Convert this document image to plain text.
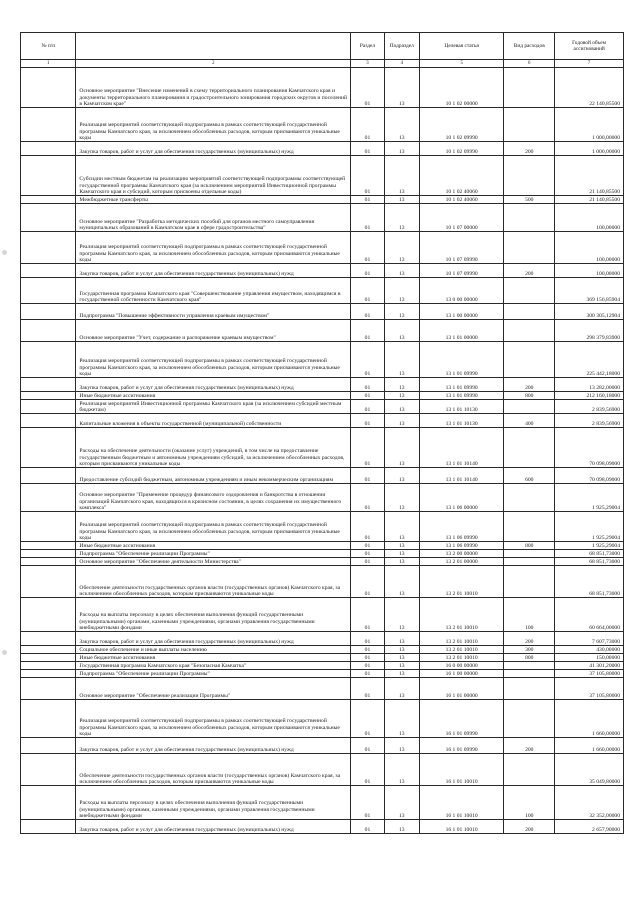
№ п/п		Раздел	Подраздел	Целевая статья	Вид расходов	Годовой объем ассигнований
1	2	3	4	5	6	7
	Основное мероприятие "Внесение изменений в схему территориального планирования Камчатского края и документы территориального планирования и градостроительного зонирования городских округов и поселений в Камчатском крае"	01	13	10 1 02 00000		22 140,85500
	Реализация мероприятий соответствующей подпрограммы в рамках соответствующей государственной программы Камчатского края, за исключением обособленных расходов, которым присваиваются уникальные коды	01	13	10 1 02 09990		1 000,00000
	Закупка товаров, работ и услуг для обеспечения государственных (муниципальных) нужд	01	13	10 1 02 09990	200	1 000,00000
	Субсидии местным бюджетам на реализацию мероприятий соответствующей подпрограммы соответствующей государственной программы Камчатского края (за исключением мероприятий Инвестиционной программы Камчатского края и субсидий, которым присвоены отдельные коды)	01	13	10 1 02 40060		21 140,85500
	Межбюджетные трансферты	01	13	10 1 02 40060	500	21 140,85500
	Основное мероприятие "Разработка методических пособий для органов местного самоуправления муниципальных образований в Камчатском крае в сфере градостроительства"	01	13	10 1 07 00000		100,00000
	Реализация мероприятий соответствующей подпрограммы в рамках соответствующей государственной программы Камчатского края, за исключением обособленных расходов, которым присваиваются уникальные коды	01	13	10 1 07 09990		100,00000
	Закупка товаров, работ и услуг для обеспечения государственных (муниципальных) нужд	01	13	10 1 07 09990	200	100,00000
	Государственная программа Камчатского края "Совершенствование управления имуществом, находящимся в государственной собственности Камчатского края"	01	13	13 0 00 00000		369 156,85904
	Подпрограмма "Повышение эффективности управления краевым имуществом"	01	13	13 1 00 00000		300 305,12904
	Основное мероприятие "Учет, содержание и распоряжение краевым имуществом"	01	13	13 1 01 00000		298 379,83900
	Реализация мероприятий соответствующей подпрограммы в рамках соответствующей государственной программы Камчатского края, за исключением обособленных расходов, которым присваиваются уникальные коды	01	13	13 1 01 09990		225 442,18000
	Закупка товаров, работ и услуг для обеспечения государственных (муниципальных) нужд	01	13	13 1 01 09990	200	13 282,00000
	Иные бюджетные ассигнования	01	13	13 1 01 09990	800	212 160,18000
	Реализация мероприятий Инвестиционной программы Камчатского края (за исключением субсидий местным бюджетам)	01	13	13 1 01 10130		2 839,56900
	Капитальные вложения в объекты государственной (муниципальной) собственности	01	13	13 1 01 10130	400	2 839,56900
	Расходы на обеспечение деятельности (оказание услуг) учреждений, в том числе на предоставление государственным бюджетным и автономным учреждениям субсидий, за исключением обособленных расходов, которым присваиваются уникальные коды	01	13	13 1 01 10140		70 098,09000
	Предоставление субсидий бюджетным, автономным учреждениям и иным некоммерческим организациям	01	13	13 1 01 10140	600	70 098,09000
	Основное мероприятие "Применение процедур финансового оздоровления и банкротства в отношении организаций Камчатского края, находящихся в кризисном состоянии, в целях сохранения их имущественного комплекса"	01	13	13 1 06 00000		1 925,29004
	Реализация мероприятий соответствующей подпрограммы в рамках соответствующей государственной программы Камчатского края, за исключением обособленных расходов, которым присваиваются уникальные коды	01	13	13 1 06 09990		1 925,29004
	Иные бюджетные ассигнования	01	13	13 1 06 09990	800	1 925,29004
	Подпрограмма "Обеспечение реализации Программы"	01	13	13 2 00 00000		68 851,73000
	Основное мероприятие "Обеспечение деятельности Министерства"	01	13	13 2 01 00000		68 851,73000
	Обеспечение деятельности государственных органов власти (государственных органов) Камчатского края, за исключением обособленных расходов, которым присваиваются уникальные коды	01	13	13 2 01 10010		68 851,73000
	Расходы на выплаты персоналу в целях обеспечения выполнения функций государственными (муниципальными) органами, казенными учреждениями, органами управления государственными внебюджетными фондами	01	13	13 2 01 10010	100	60 664,00000
	Закупка товаров, работ и услуг для обеспечения государственных (муниципальных) нужд	01	13	13 2 01 10010	200	7 607,73000
	Социальное обеспечение и иные выплаты населению	01	13	13 2 01 10010	300	430,00000
	Иные бюджетные ассигнования	01	13	13 2 01 10010	800	150,00000
	Государственная программа Камчатского края "Безопасная Камчатка"	01	13	16 0 00 00000		41 301,20000
	Подпрограмма "Обеспечение реализации Программы"	01	13	16 1 00 00000		37 105,80000
	Основное мероприятие "Обеспечение реализации Программы"	01	13	16 1 01 00000		37 105,80000
	Реализация мероприятий соответствующей подпрограммы в рамках соответствующей государственной программы Камчатского края, за исключением обособленных расходов, которым присваиваются уникальные коды	01	13	16 1 01 09990		1 660,00000
	Закупка товаров, работ и услуг для обеспечения государственных (муниципальных) нужд	01	13	16 1 01 09990	200	1 660,00000
	Обеспечение деятельности государственных органов власти (государственных органов) Камчатского края, за исключением обособленных расходов, которым присваиваются уникальные коды	01	13	16 1 01 10010		35 049,80000
	Расходы на выплаты персоналу в целях обеспечения выполнения функций государственными (муниципальными) органами, казенными учреждениями, органами управления государственными внебюджетными фондами	01	13	16 1 01 10010	100	32 352,00000
	Закупка товаров, работ и услуг для обеспечения государственных (муниципальных) нужд	01	13	16 1 01 10010	200	2 657,90000
